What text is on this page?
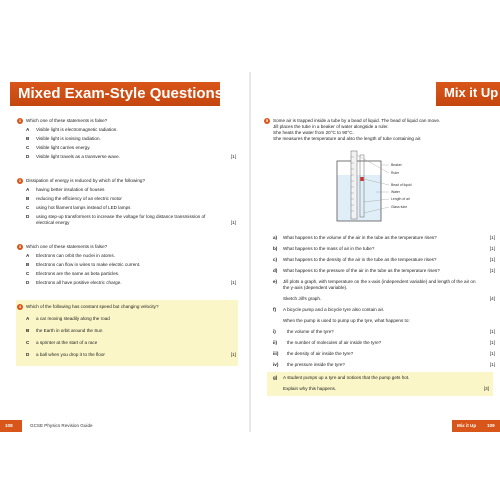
Mixed Exam-Style Questions
1	Which one of these statements is false?
A Visible light is electromagnetic radiation.
B Visible light is ionising radiation.
C Visible light carries energy.
D Visible light travels as a transverse wave.	[1]
2	Dissipation of energy is reduced by which of the following?
A having better insulation of houses
B reducing the efficiency of an electric motor
C using hot filament lamps instead of LED lamps
D using step-up transformers to increase the voltage for long distance transmission of electrical energy	[1]
3	Which one of these statements is false?
A Electrons can orbit the nuclei in atoms.
B Electrons can flow in wires to make electric current.
C Electrons are the same as beta particles.
D Electrons all have positive electric charge.	[1]
4	Which of the following has constant speed but changing velocity?
A a car moving steadily along the road
B the Earth in orbit around the Sun
C a sprinter at the start of a race
D a ball when you drop it to the floor	[1]
108	GCSE Physics Revision Guide
Mix it Up
5	Some air is trapped inside a tube by a bead of liquid. The bead of liquid can move.
Jill places the tube in a beaker of water alongside a ruler.
She heats the water from 20°C to 90°C.
She measures the temperature and also the length of tube containing air.
Beaker
Ruler
Bead of liquid
Water
Length of air
Glass tube
a) What happens to the volume of the air in the tube as the temperature rises?	[1]
b) What happens to the mass of air in the tube?	[1]
c) What happens to the density of the air in the tube as the temperature rises?	[1]
d) What happens to the pressure of the air in the tube as the temperature rises?	[1]
e) Jill plots a graph, with temperature on the x-axis (independent variable) and length of the air on the y-axis (dependent variable).
Sketch Jill's graph.	[4]
f) A bicycle pump and a bicycle tyre also contain air.
When the pump is used to pump up the tyre, what happens to:
i) the volume of the tyre?	[1]
ii) the number of molecules of air inside the tyre?	[1]
iii) the density of air inside the tyre?	[1]
iv) the pressure inside the tyre?	[1]
g) A student pumps up a tyre and notices that the pump gets hot.
Explain why this happens.	[3]
Mix it Up 109
